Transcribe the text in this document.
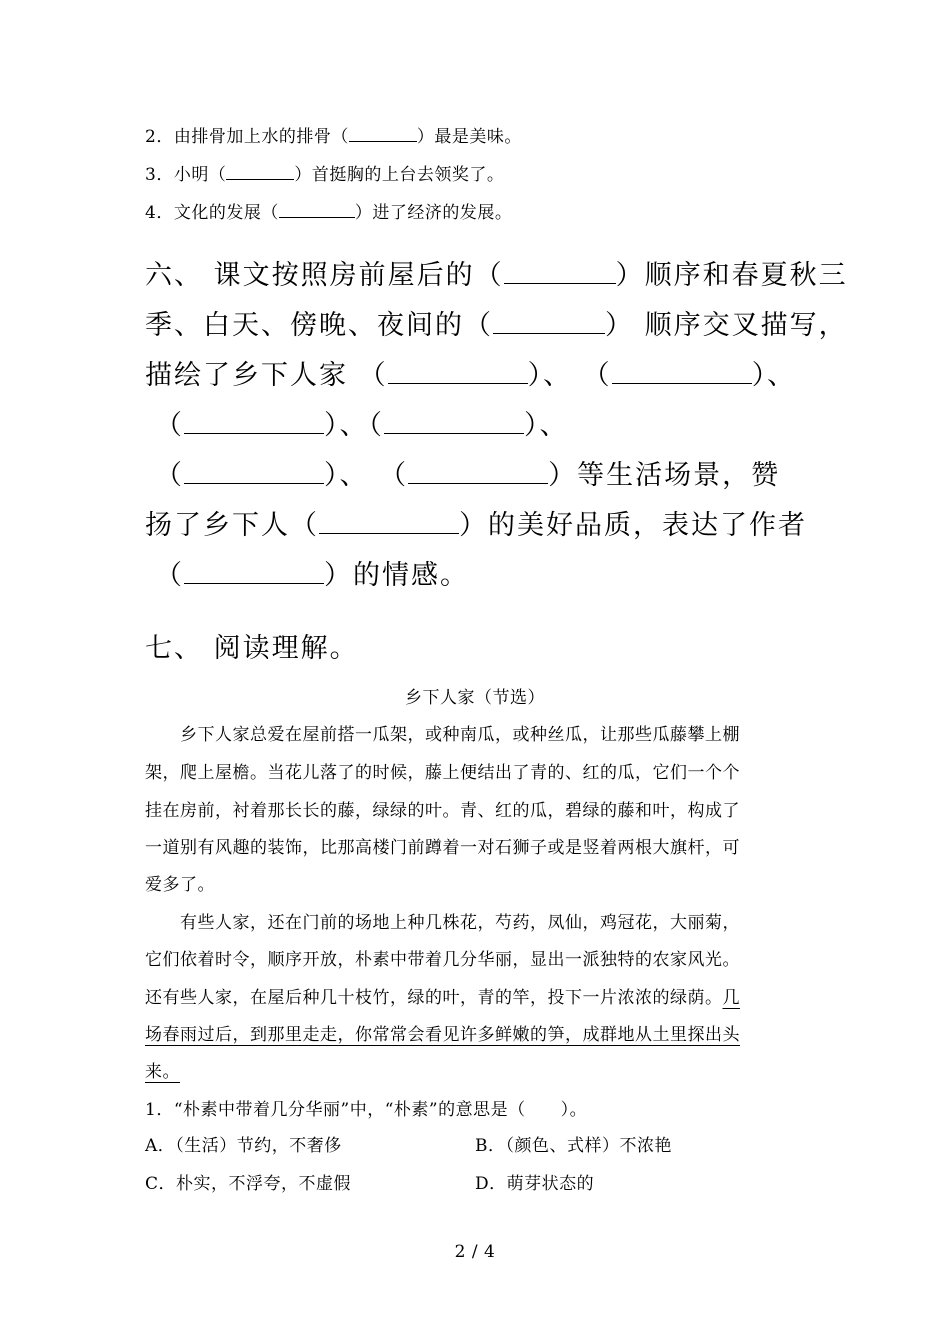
2．由排骨加上水的排骨（	）最是美味。
3．小明（	）首挺胸的上台去领奖了。
4．文化的发展（	）进了经济的发展。
六、 课文按照房前屋后的（	）顺序和春夏秋三
季、白天、傍晚、夜间的（	） 顺序交叉描写，
描绘了乡下人家 （	）、 （	）、
（	）、（	）、
（	）、 （	）等生活场景，赞
扬了乡下人（	）的美好品质，表达了作者
（	）的情感。
七、 阅读理解。
乡下人家（节选）
　　乡下人家总爱在屋前搭一瓜架，或种南瓜，或种丝瓜，让那些瓜藤攀上棚
架，爬上屋檐。当花儿落了的时候，藤上便结出了青的、红的瓜，它们一个个
挂在房前，衬着那长长的藤，绿绿的叶。青、红的瓜，碧绿的藤和叶，构成了
一道别有风趣的装饰，比那高楼门前蹲着一对石狮子或是竖着两根大旗杆，可
爱多了。
　　有些人家，还在门前的场地上种几株花，芍药，凤仙，鸡冠花，大丽菊，
它们依着时令，顺序开放，朴素中带着几分华丽，显出一派独特的农家风光。
还有些人家，在屋后种几十枝竹，绿的叶，青的竿，投下一片浓浓的绿荫。几
场春雨过后，到那里走走，你常常会看见许多鲜嫩的笋，成群地从土里探出头
来。
1．“朴素中带着几分华丽”中，“朴素”的意思是（　　）。
A．（生活）节约，不奢侈	B．（颜色、式样）不浓艳
C．朴实，不浮夸，不虚假	D．萌芽状态的
2 / 4
